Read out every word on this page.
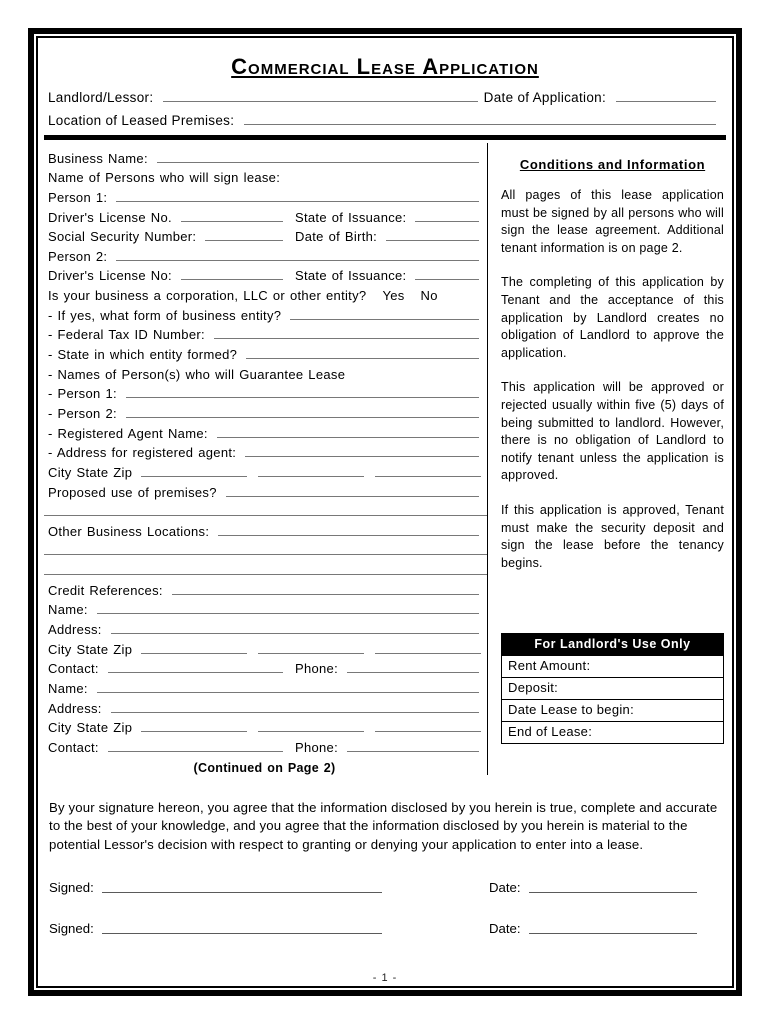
Commercial Lease Application
Landlord/Lessor:	Date of Application:
Location of Leased Premises:
Business Name:
Name of Persons who will sign lease:
Person 1:
Driver's License No.	State of Issuance:
Social Security Number:	Date of Birth:
Person 2:
Driver's License No:	State of Issuance:
Is your business a corporation, LLC or other entity? Yes No
- If yes, what form of business entity?
- Federal Tax ID Number:
- State in which entity formed?
- Names of Person(s) who will Guarantee Lease
- Person 1:
- Person 2:
- Registered Agent Name:
- Address for registered agent:
City State Zip
Proposed use of premises?
Other Business Locations:
Credit References:
Name:
Address:
City State Zip
Contact:	Phone:
Name:
Address:
City State Zip
Contact:	Phone:
(Continued on Page 2)
Conditions and Information

All pages of this lease application must be signed by all persons who will sign the lease agreement. Additional tenant information is on page 2.

The completing of this application by Tenant and the acceptance of this application by Landlord creates no obligation of Landlord to approve the application.

This application will be approved or rejected usually within five (5) days of being submitted to landlord. However, there is no obligation of Landlord to notify tenant unless the application is approved.

If this application is approved, Tenant must make the security deposit and sign the lease before the tenancy begins.

For Landlord's Use Only
Rent Amount:
Deposit:
Date Lease to begin:
End of Lease:
By your signature hereon, you agree that the information disclosed by you herein is true, complete and accurate to the best of your knowledge, and you agree that the information disclosed by you herein is material to the potential Lessor's decision with respect to granting or denying your application to enter into a lease.
Signed:	Date:
Signed:	Date:
- 1 -
